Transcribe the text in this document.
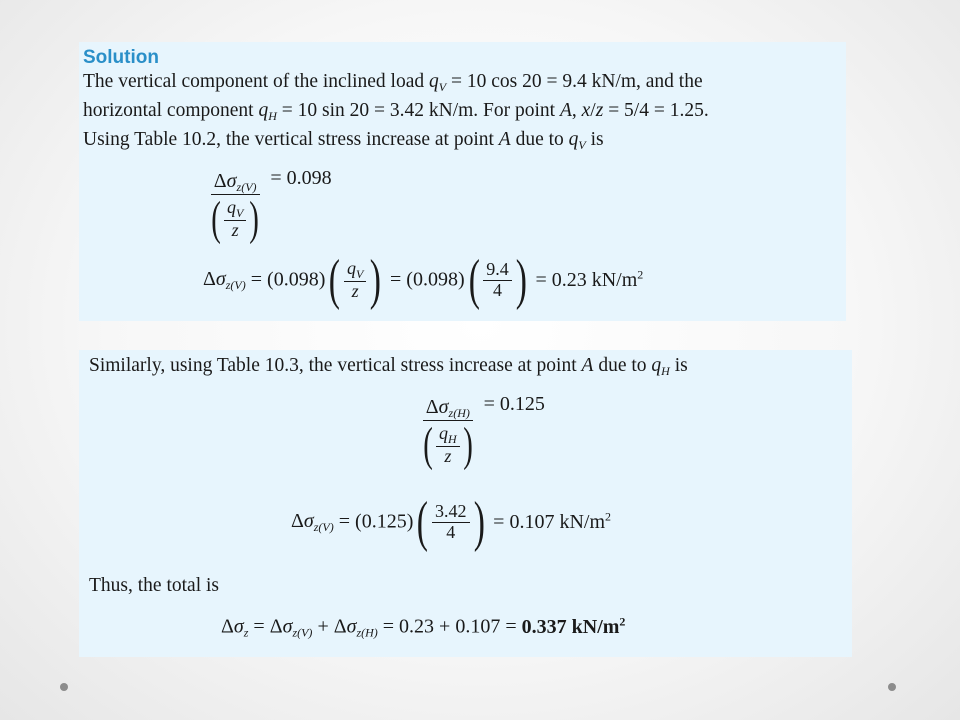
Solution

The vertical component of the inclined load $q_V = 10$ cos 20 = 9.4 kN/m, and the

horizontal component $q_H = 10$ sin 20 = 3.42 kN/m. For point A, x/z = 5/4 = 1.25.

Using Table 10.2, the vertical stress increase at point A due to $q_V$ is

$\frac{\Delta\sigma_{z(V)}}{( \frac{q_V}{z} )} = 0.098$
$\Delta\sigma_{z(V)} = (0.098)( \frac{q_V}{z}$ ) = $(0.098)( \frac{9.4}{4}$ ) = 0.23 $kN/m^2$

Similarly, using Table 10.3, the vertical stress increase at point A due to $q_H$ is

$\frac{\Delta\sigma_{z(H)}}{( \frac{q_H}{z} )} = 0.125$
$\Delta\sigma_{z(V)} = (0.125)( \frac{3.42}{4}$ ) = 0.107 $kN/m^2$

Thus, the total is

$\Delta\sigma_z = \Delta\sigma_{z(V)} + \Delta\sigma_{z(H)} = 0.23 + 0.107 = 0.337$ $kN/m^2$
